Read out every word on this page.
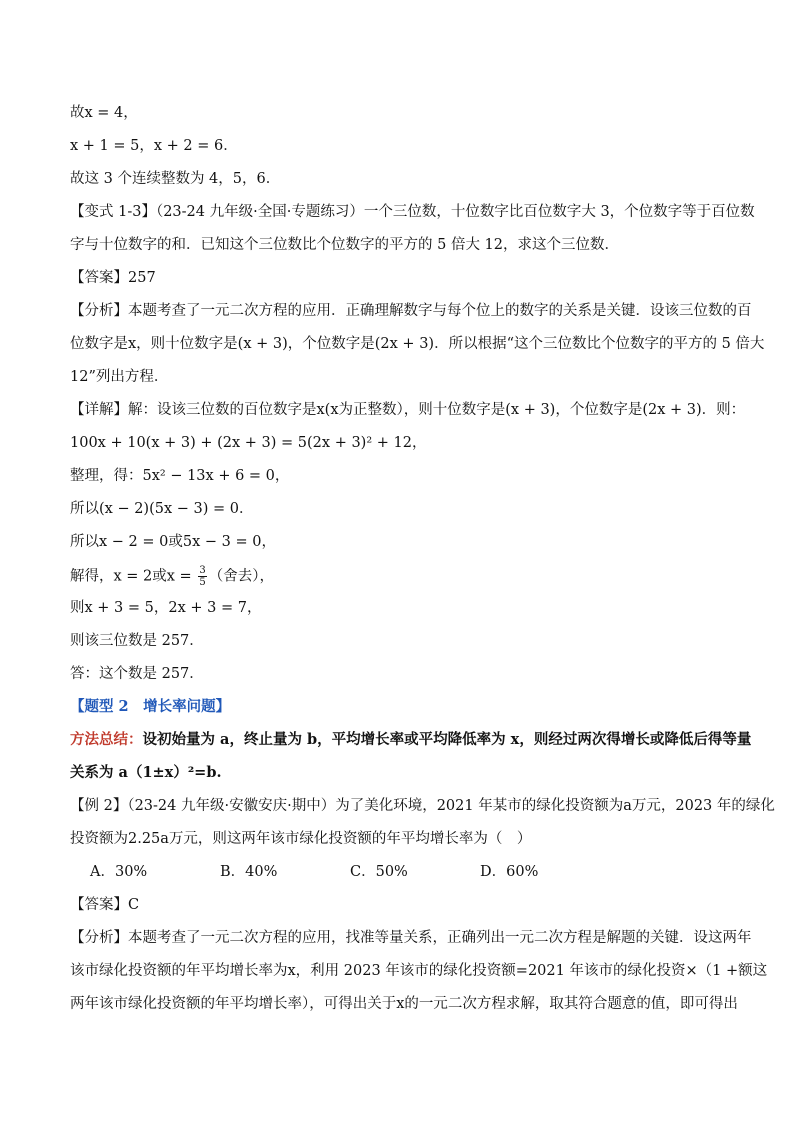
故x = 4，
x + 1 = 5，x + 2 = 6．
故这 3 个连续整数为 4，5，6．
【变式 1-3】（23-24 九年级·全国·专题练习）一个三位数，十位数字比百位数字大 3，个位数字等于百位数
字与十位数字的和．已知这个三位数比个位数字的平方的 5 倍大 12，求这个三位数．
【答案】257
【分析】本题考查了一元二次方程的应用．正确理解数字与每个位上的数字的关系是关键．设该三位数的百
位数字是x，则十位数字是(x + 3)，个位数字是(2x + 3)．所以根据“这个三位数比个位数字的平方的 5 倍大
12”列出方程．
【详解】解：设该三位数的百位数字是x(x为正整数），则十位数字是(x + 3)，个位数字是(2x + 3)．则：
100x + 10(x + 3) + (2x + 3) = 5(2x + 3)² + 12，
整理，得：5x² − 13x + 6 = 0，
所以(x − 2)(5x − 3) = 0．
所以x − 2 = 0或5x − 3 = 0，
解得，x = 2或$x = \frac{3}{5}$ （舍去），
则x + 3 = 5，2x + 3 = 7，
则该三位数是 257．
答：这个数是 257．
【题型 2　增长率问题】
方法总结：设初始量为 a，终止量为 b，平均增长率或平均降低率为 x，则经过两次得增长或降低后得等量
关系为 a（1±x）²=b.
【例 2】（23-24 九年级·安徽安庆·期中）为了美化环境，2021 年某市的绿化投资额为a万元，2023 年的绿化
投资额为2.25a万元，则这两年该市绿化投资额的年平均增长率为（　）
A．30%	B．40%	C．50%	D．60%
【答案】C
【分析】本题考查了一元二次方程的应用，找准等量关系，正确列出一元二次方程是解题的关键．设这两年
该市绿化投资额的年平均增长率为x，利用 2023 年该市的绿化投资额=2021 年该市的绿化投资×（1 +额这
两年该市绿化投资额的年平均增长率），可得出关于x的一元二次方程求解，取其符合题意的值，即可得出
